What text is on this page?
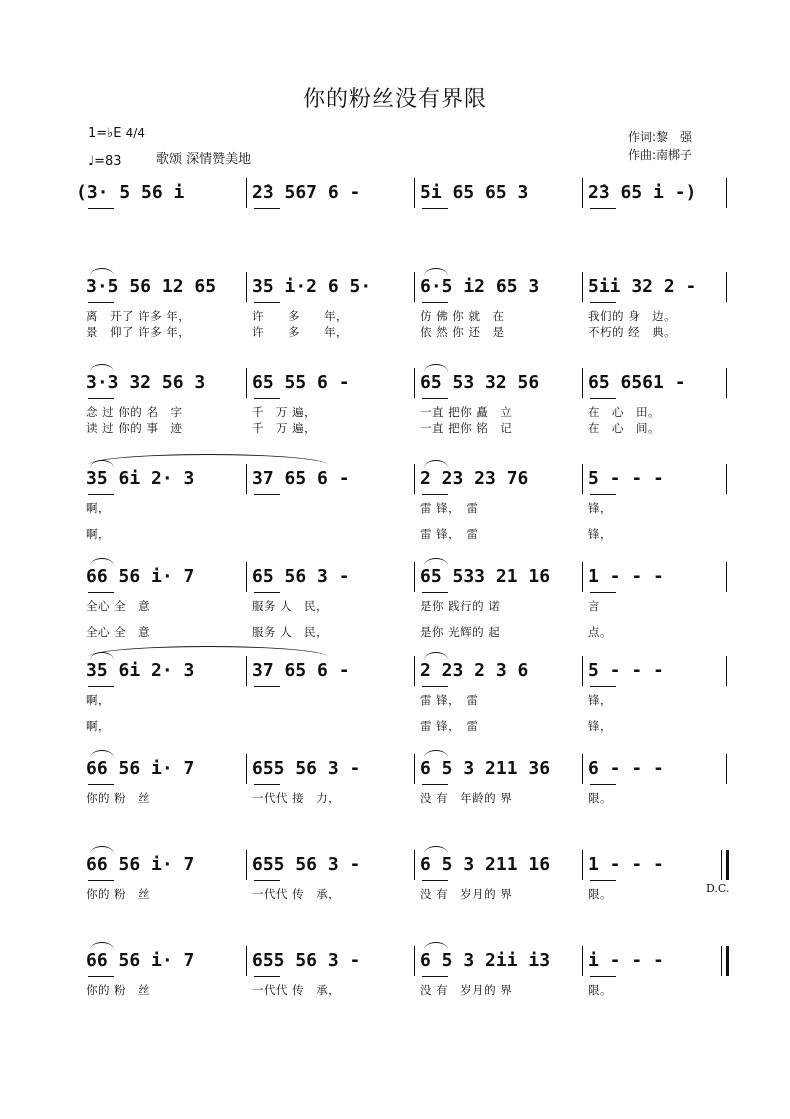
你的粉丝没有界限
1=♭E 4/4
♩=83	歌颂 深情赞美地
作词:黎　强
作曲:南梆子
(3· 5 56 i	2̇3 567 6 -	5i 65 65 3	2̇3 65 i -)
3·5 56 12 65
离　开了 许多 年，
景　仰了 许多 年，
35 i·2 6 5·
许　　多　　年，
许　　多　　年，
6·5 i2 65 3
仿 佛 你 就　在
依 然 你 还　是
5ii 32 2 -
我们的 身　边。
不朽的 经　典。
3·3 32 56 3
念 过 你的 名　字
读 过 你的 事　迹
65 55 6 -
千　万 遍，
千　万 遍，
65 53 32 56
一直 把你 矗　立
一直 把你 铭　记
65 6561 -
在　心　田。
在　心　间。
35 6i 2· 3
啊，
啊，
37 65 6 -	2 23 23 76
雷 锋，　雷
雷 锋，　雷
5 - - -
锋，
锋，
66 56 i· 7
全心 全　意
全心 全　意
65 56 3 -
服务 人　民，
服务 人　民，
65 533 21 16
是你 践行的 诺
是你 光辉的 起
1 - - -
言
点。
35 6i 2· 3
啊，
啊，
37 65 6 -	2 23 2 3 6
雷 锋，　雷
雷 锋，　雷
5 - - -
锋，
锋，
66 56 i· 7
你的 粉　丝
655 56 3 -
一代代 接　力，
6 5 3 211 36
没 有　年龄的 界
6 - - -
限。
66 56 i· 7
你的 粉　丝
655 56 3 -
一代代 传　承，
6 5 3 211 16
没 有　岁月的 界
1 - - -
限。	D.C.
66 56 i· 7
你的 粉　丝
655 56 3 -
一代代 传　承，
6 5 3 2ii i3
没 有　岁月的 界
i - - -
限。
